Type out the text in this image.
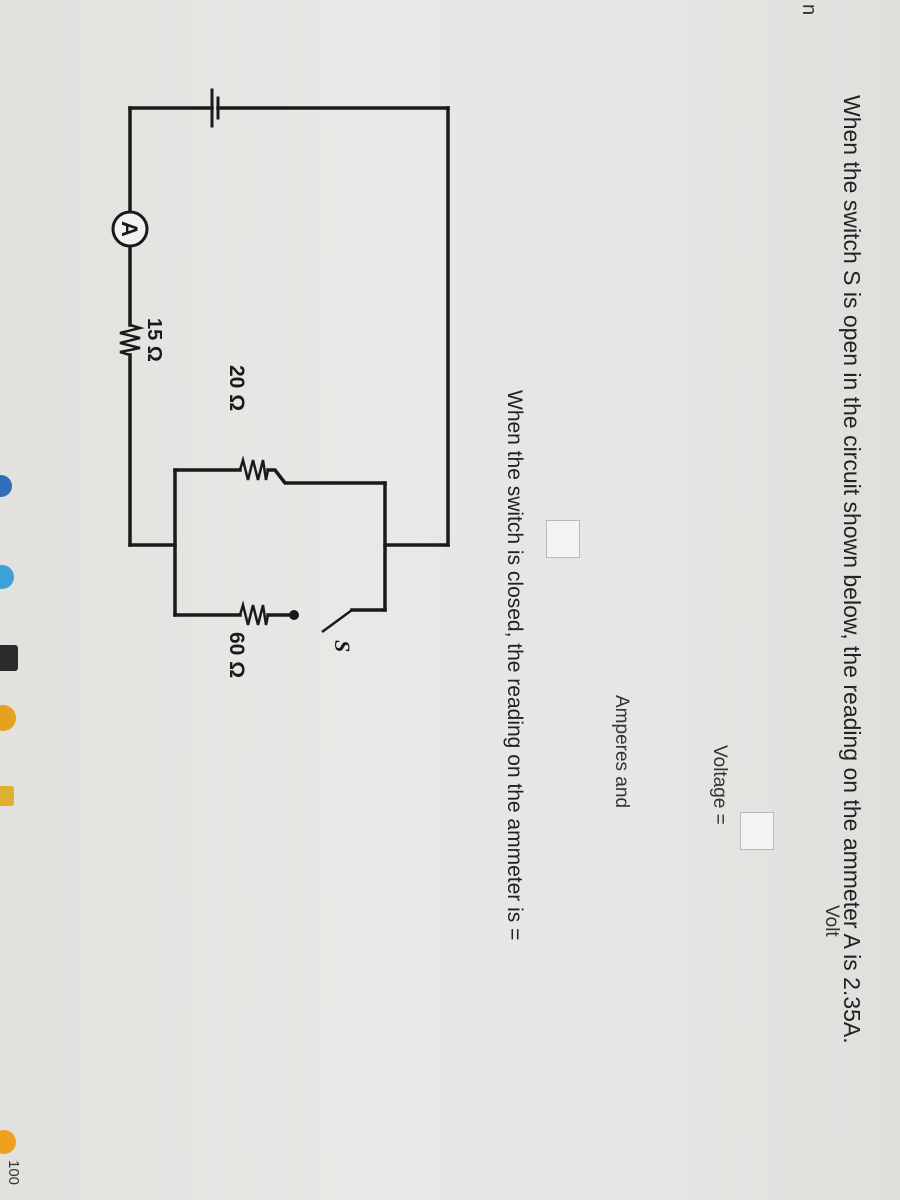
n
When the switch S is open in the circuit shown below, the reading on the ammeter A is 2.35A.
A
15 Ω
20 Ω
60 Ω	S	When the switch is closed, the reading on the ammeter is =	Amperes and	Voltage =
Volt
100
